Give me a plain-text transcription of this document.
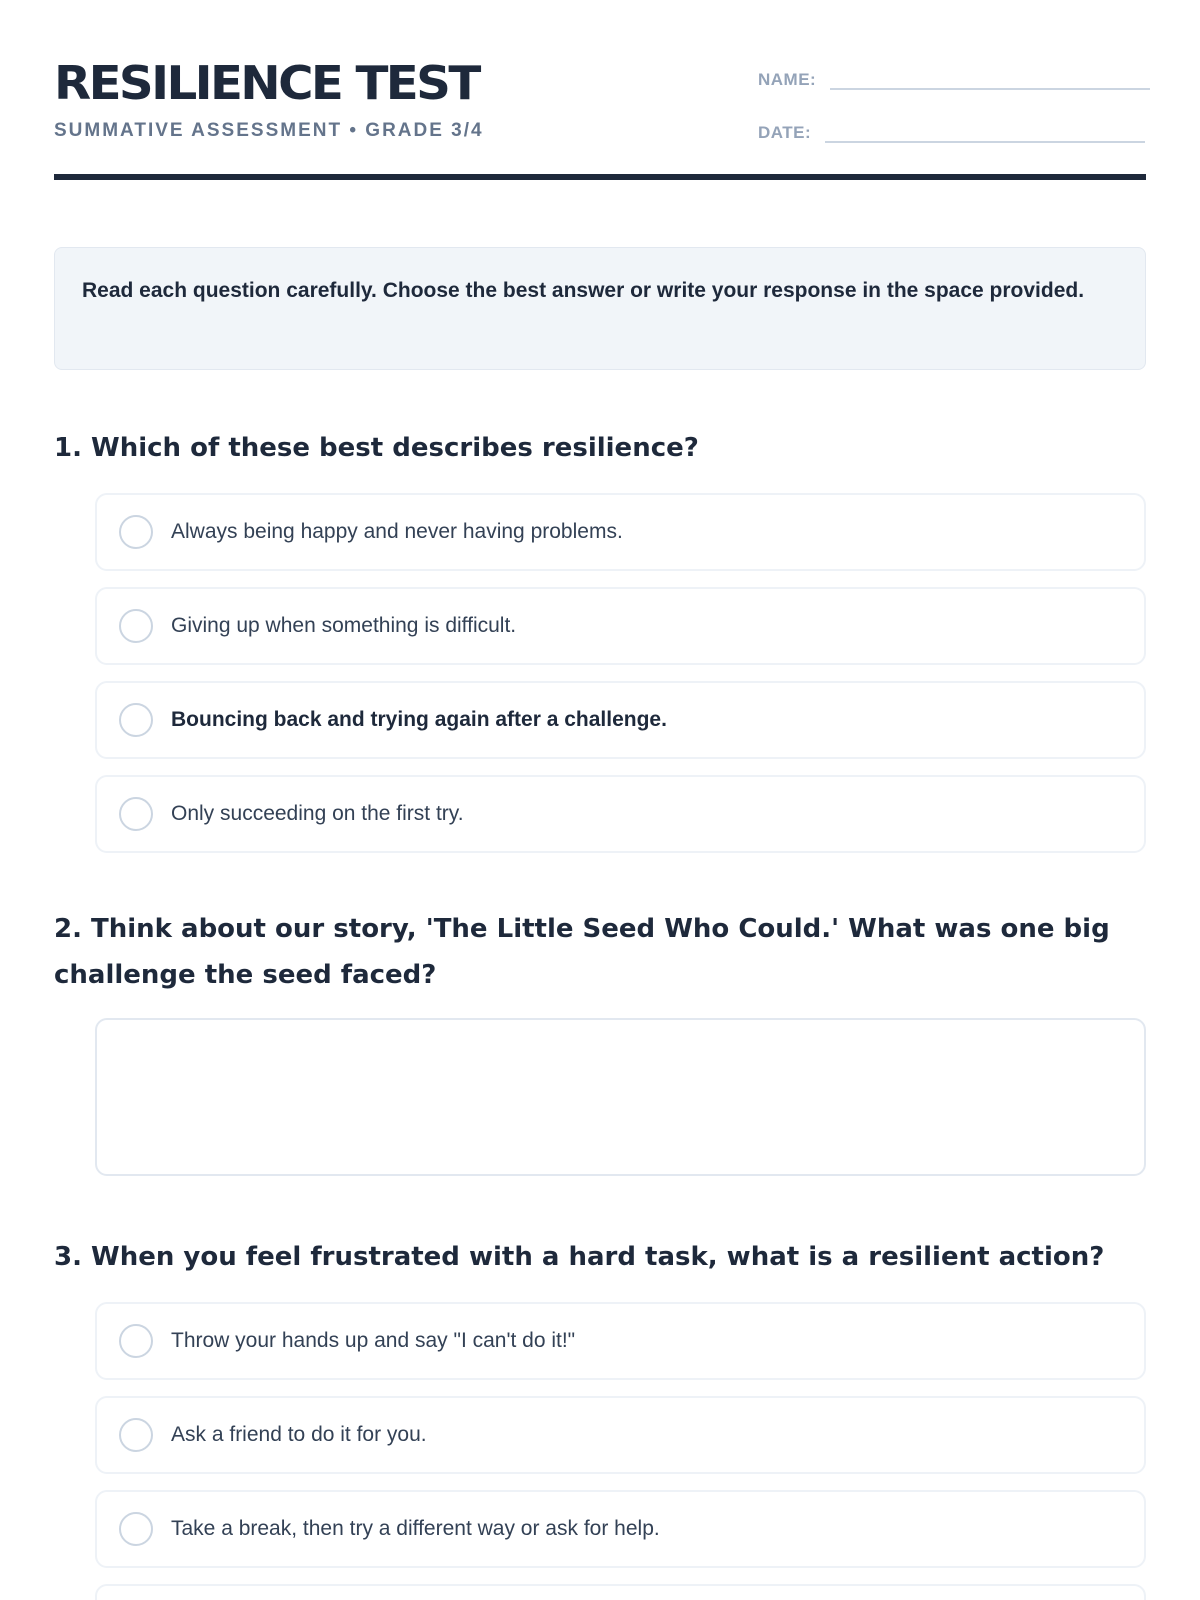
RESILIENCE TEST
SUMMATIVE ASSESSMENT • GRADE 3/4
NAME:
DATE:
Read each question carefully. Choose the best answer or write your response in the space provided.
1. Which of these best describes resilience?
Always being happy and never having problems.
Giving up when something is difficult.
Bouncing back and trying again after a challenge.
Only succeeding on the first try.
2. Think about our story, 'The Little Seed Who Could.' What was one big challenge the seed faced?
3. When you feel frustrated with a hard task, what is a resilient action?
Throw your hands up and say "I can't do it!"
Ask a friend to do it for you.
Take a break, then try a different way or ask for help.
